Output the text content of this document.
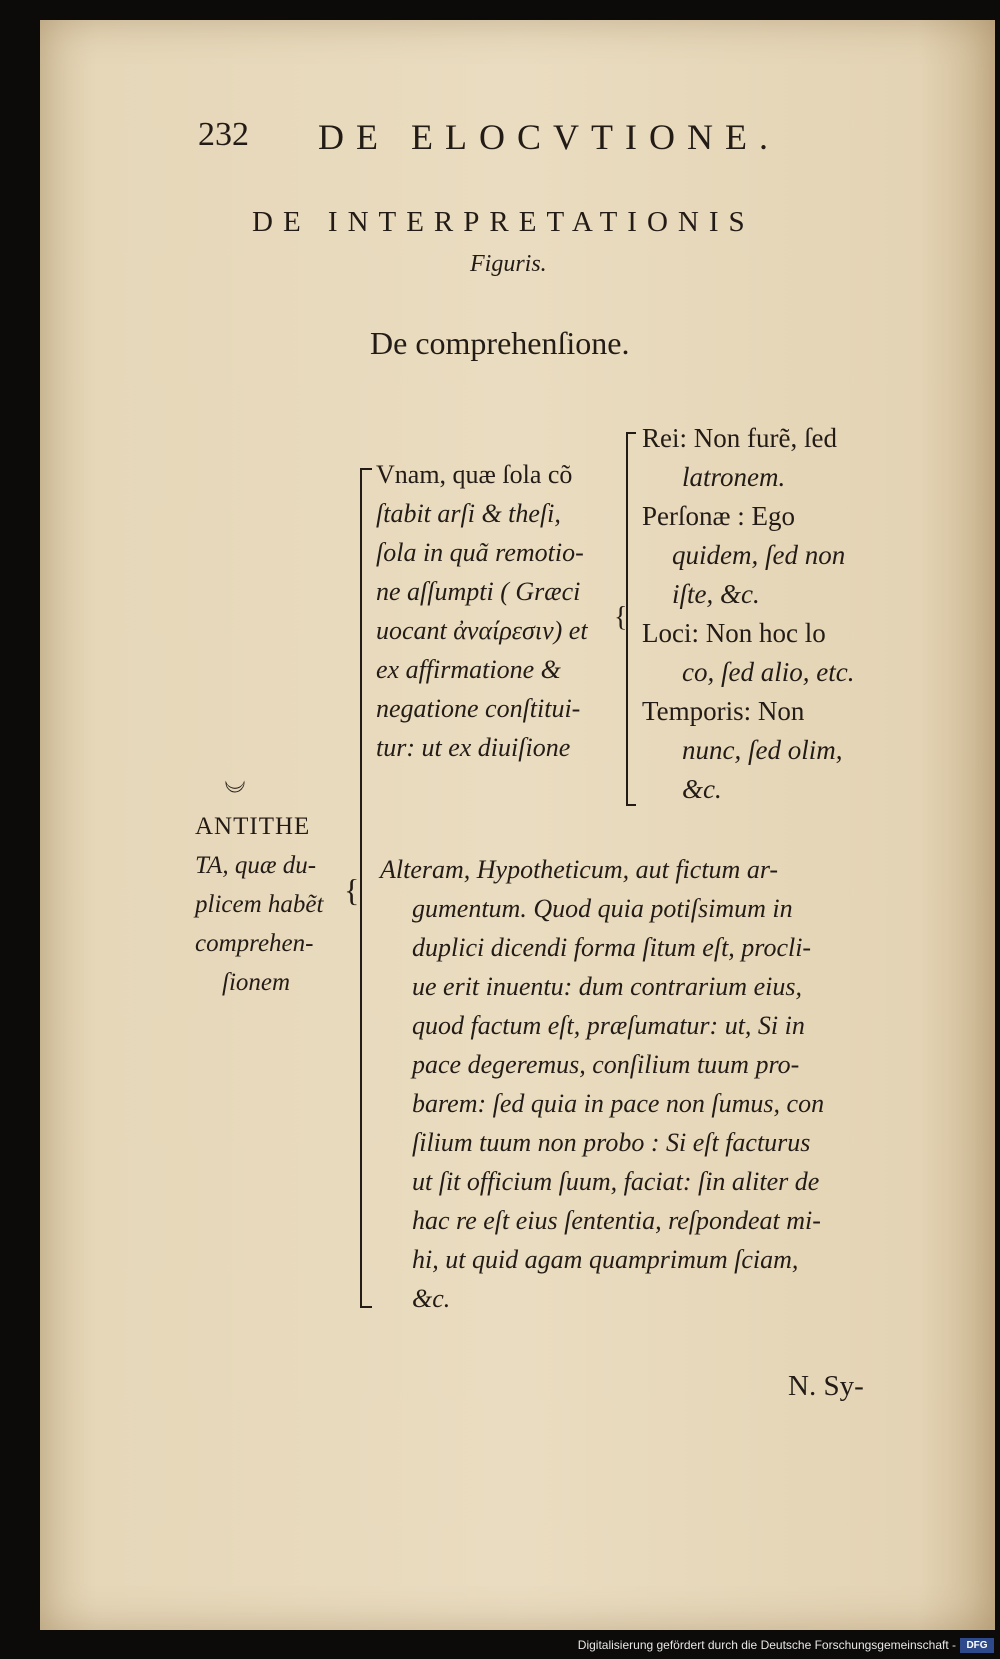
232 DE ELOCVTIONE.
DE INTERPRETATIONIS
Figuris.
De comprehenſione.
☾
ANTITHE
TA, quæ du-
plicem habẽt
comprehen-
ſionem
{
Vnam, quæ ſola cõ
ſtabit arſi & theſi,
ſola in quã remotio-
ne aſſumpti ( Græci
uocant ἀναίρεσιν) et
ex affirmatione &
negatione conſtitui-
tur: ut ex diuiſione
{
Rei: Non furẽ, ſed
latronem.
Perſonæ : Ego
quidem, ſed non
iſte, &c.
Loci: Non hoc lo
co, ſed alio, etc.
Temporis: Non
nunc, ſed olim,
&c.
Alteram, Hypotheticum, aut fictum ar-
gumentum. Quod quia potiſsimum in
duplici dicendi forma ſitum eſt, procli-
ue erit inuentu: dum contrarium eius,
quod factum eſt, præſumatur: ut, Si in
pace degeremus, conſilium tuum pro-
barem: ſed quia in pace non ſumus, con
ſilium tuum non probo : Si eſt facturus
ut ſit officium ſuum, faciat: ſin aliter de
hac re eſt eius ſententia, reſpondeat mi-
hi, ut quid agam quamprimum ſciam,
&c.
N. Sy-
Digitalisierung gefördert durch die Deutsche Forschungsgemeinschaft -	DFG
